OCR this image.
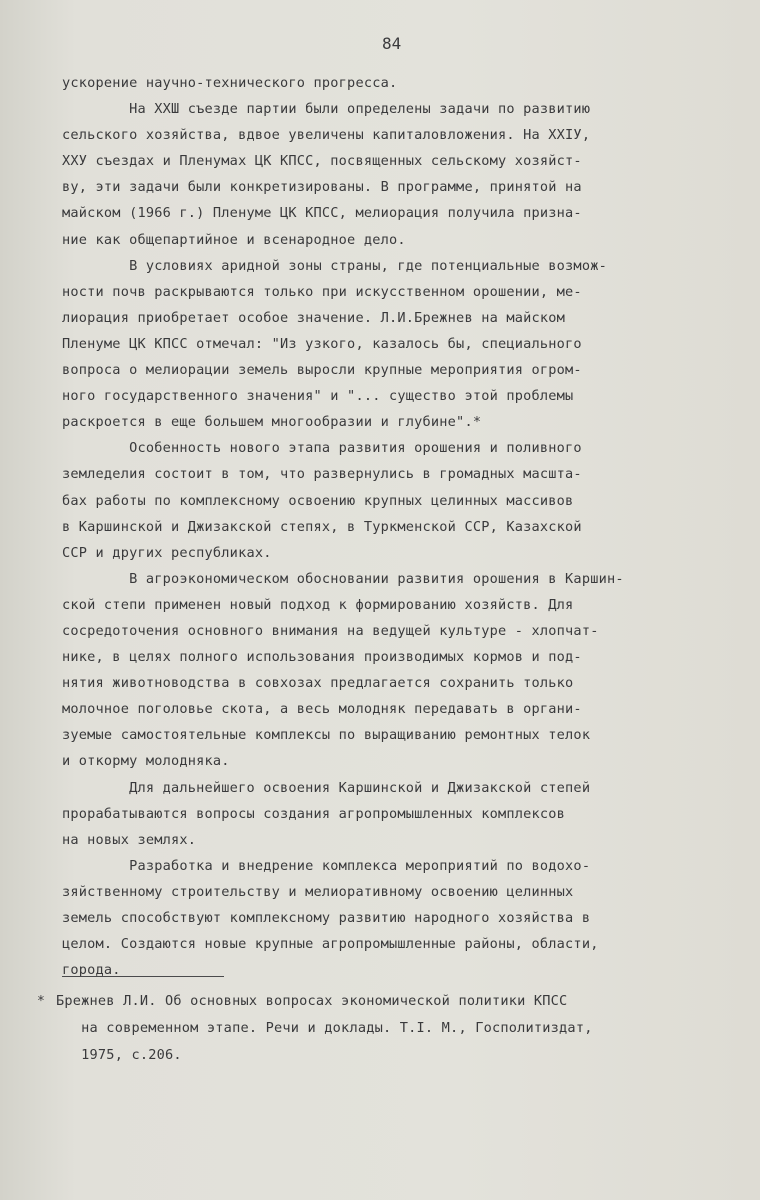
84
ускорение научно-технического прогресса.
На ХХШ съезде партии были определены задачи по развитию
сельского хозяйства, вдвое увеличены капиталовложения. На ХХIУ,
ХХУ съездах и Пленумах ЦК КПСС, посвященных сельскому хозяйст-
ву, эти задачи были конкретизированы. В программе, принятой на
майском (1966 г.) Пленуме ЦК КПСС, мелиорация получила призна-
ние как общепартийное и всенародное дело.
В условиях аридной зоны страны, где потенциальные возмож-
ности почв раскрываются только при искусственном орошении, ме-
лиорация приобретает особое значение. Л.И.Брежнев на майском
Пленуме ЦК КПСС отмечал: "Из узкого, казалось бы, специального
вопроса о мелиорации земель выросли крупные мероприятия огром-
ного государственного значения" и "... существо этой проблемы
раскроется в еще большем многообразии и глубине".*
Особенность нового этапа развития орошения и поливного
земледелия состоит в том, что развернулись в громадных масшта-
бах работы по комплексному освоению крупных целинных массивов
в Каршинской и Джизакской степях, в Туркменской ССР, Казахской
ССР и других республиках.
В агроэкономическом обосновании развития орошения в Каршин-
ской степи применен новый подход к формированию хозяйств. Для
сосредоточения основного внимания на ведущей культуре - хлопчат-
нике, в целях полного использования производимых кормов и под-
нятия животноводства в совхозах предлагается сохранить только
молочное поголовье скота, а весь молодняк передавать в органи-
зуемые самостоятельные комплексы по выращиванию ремонтных телок
и откорму молодняка.
Для дальнейшего освоения Каршинской и Джизакской степей
прорабатываются вопросы создания агропромышленных комплексов
на новых землях.
Разработка и внедрение комплекса мероприятий по водохо-
зяйственному строительству и мелиоративному освоению целинных
земель способствуют комплексному развитию народного хозяйства в
целом. Создаются новые крупные агропромышленные районы, области,
города.
* Брежнев Л.И. Об основных вопросах экономической политики КПСС
на современном этапе. Речи и доклады. Т.I. М., Госполитиздат,
1975, с.206.
